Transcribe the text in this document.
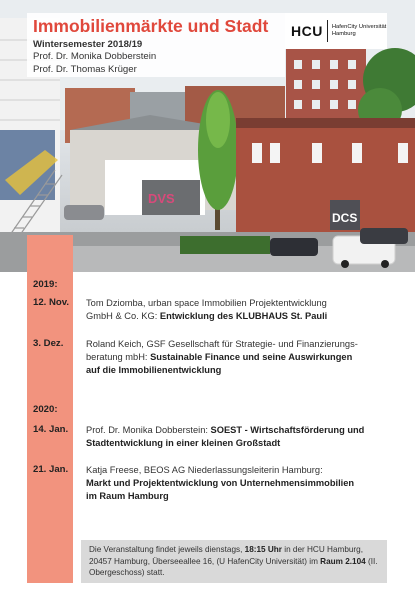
DVS
DCS
Immobilienmärkte und Stadt
Wintersemester 2018/19
Prof. Dr. Monika Dobberstein
Prof. Dr. Thomas Krüger
HCU HafenCity Universität
Hamburg
2019:
12. Nov. Tom Dziomba, urban space Immobilien Projektentwicklung
GmbH & Co. KG: Entwicklung des KLUBHAUS St. Pauli
3. Dez. Roland Keich, GSF Gesellschaft für Strategie- und Finanzierungs-
beratung mbH: Sustainable Finance und seine Auswirkungen
auf die Immobilienentwicklung
2020:
14. Jan. Prof. Dr. Monika Dobberstein: SOEST - Wirtschaftsförderung und
Stadtentwicklung in einer kleinen Großstadt
21. Jan. Katja Freese, BEOS AG Niederlassungsleiterin Hamburg:
Markt und Projektentwicklung von Unternehmensimmobilien
im Raum Hamburg
Die Veranstaltung findet jeweils dienstags, 18:15 Uhr in der HCU Hamburg, 20457 Hamburg, Überseeallee 16, (U HafenCity Universität) im Raum 2.104 (II. Obergeschoss) statt.
